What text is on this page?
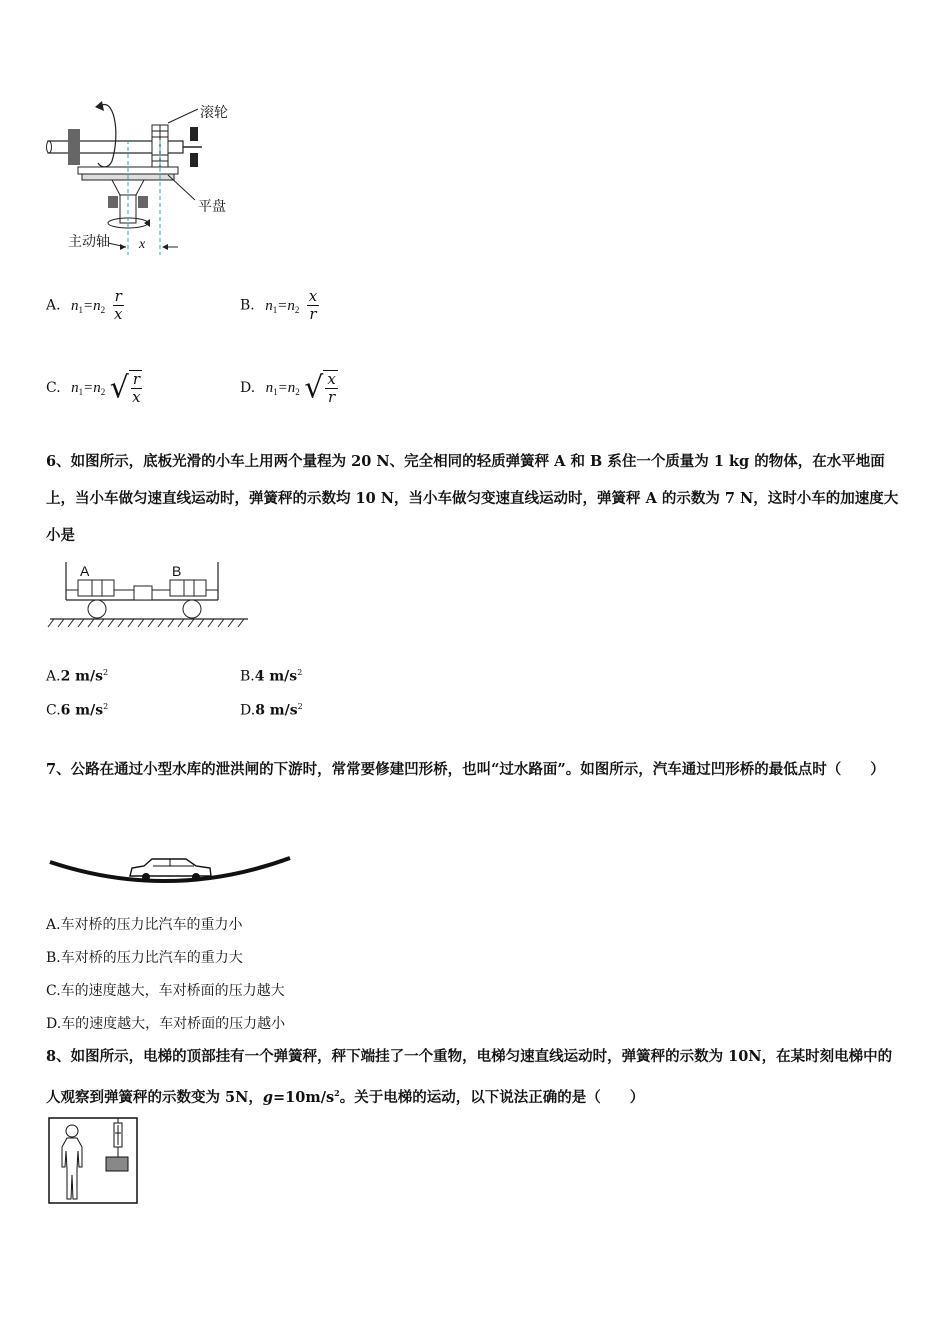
滚轮
平盘
主动轴 x
A. $n_1=n_2 \frac{r}{x}$	B. $n_1=n_2 \frac{x}{r}$
C. $n_1=n_2$ √ $\frac{r}{x}$	D. $n_1=n_2$ √ $\frac{x}{r}$
6、如图所示，底板光滑的小车上用两个量程为 20 N、完全相同的轻质弹簧秤 A 和 B 系住一个质量为 1 kg 的物体，在水平地面上，当小车做匀速直线运动时，弹簧秤的示数均 10 N，当小车做匀变速直线运动时，弹簧秤 A 的示数为 7 N，这时小车的加速度大小是
A	B
A.2 $m/s^2$	B.4 $m/s^2$
C.6 $m/s^2$	D.8 $m/s^2$
7、公路在通过小型水库的泄洪闸的下游时，常常要修建凹形桥，也叫“过水路面”。如图所示，汽车通过凹形桥的最低点时（　　）
A.车对桥的压力比汽车的重力小
B.车对桥的压力比汽车的重力大
C.车的速度越大，车对桥面的压力越大
D.车的速度越大，车对桥面的压力越小
8、如图所示，电梯的顶部挂有一个弹簧秤，秤下端挂了一个重物，电梯匀速直线运动时，弹簧秤的示数为 10N，在某时刻电梯中的人观察到弹簧秤的示数变为 5N，$g=10m/s^2$。关于电梯的运动，以下说法正确的是（　　）
